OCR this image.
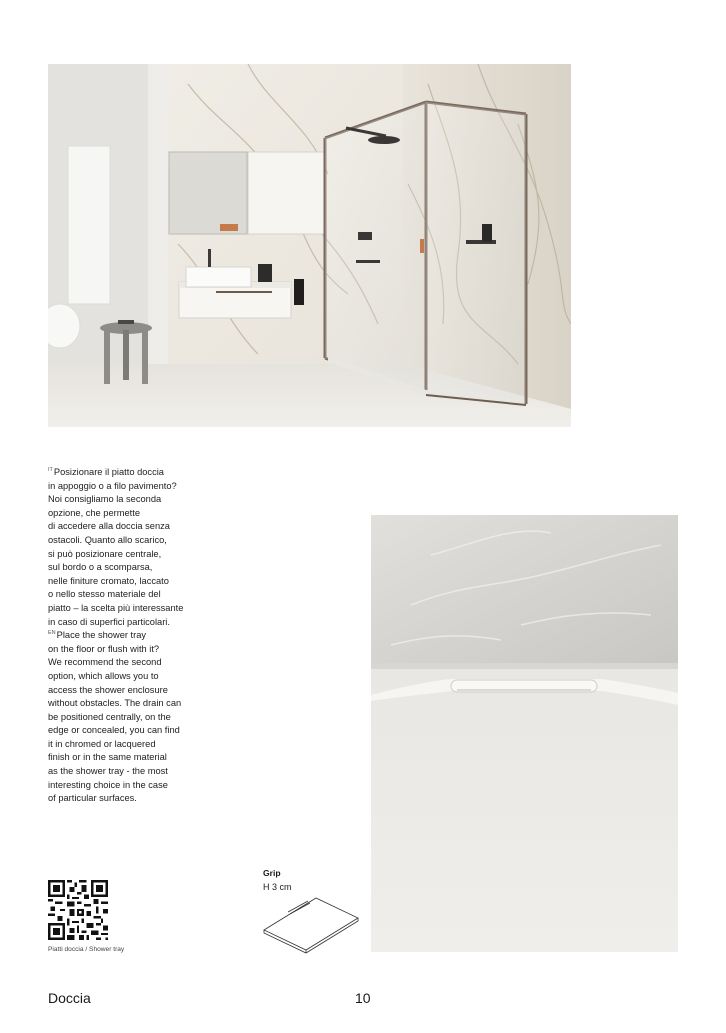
$^{IT}$Posizionare il piatto doccia
in appoggio o a filo pavimento?
Noi consigliamo la seconda
opzione, che permette
di accedere alla doccia senza
ostacoli. Quanto allo scarico,
si può posizionare centrale,
sul bordo o a scomparsa,
nelle finiture cromato, laccato
o nello stesso materiale del
piatto – la scelta più interessante
in caso di superfici particolari.

$^{EN}$Place the shower tray
on the floor or flush with it?
We recommend the second
option, which allows you to
access the shower enclosure
without obstacles. The drain can
be positioned centrally, on the
edge or concealed, you can find
it in chromed or lacquered
finish or in the same material
as the shower tray - the most
interesting choice in the case
of particular surfaces.

Piatti doccia / Shower tray
Grip
H 3 cm
Doccia	10
